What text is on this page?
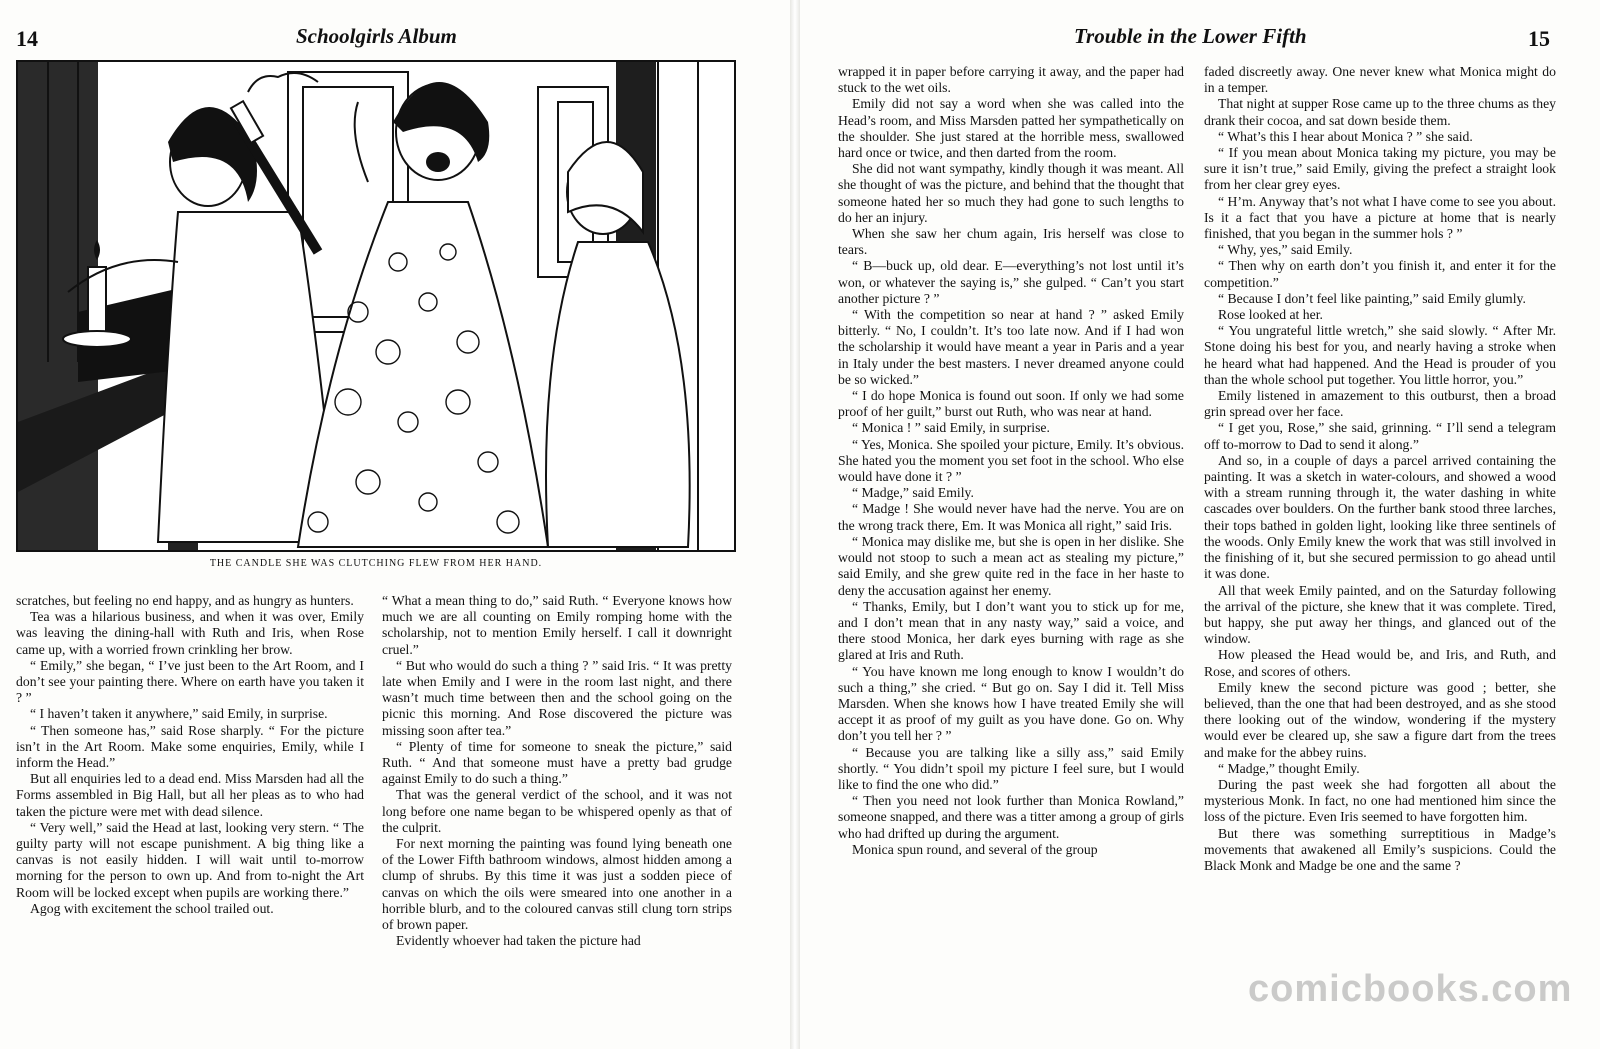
14	Schoolgirls Album
THE CANDLE SHE WAS CLUTCHING FLEW FROM HER HAND.

scratches, but feeling no end happy, and as hungry as hunters.

Tea was a hilarious business, and when it was over, Emily was leaving the dining-hall with Ruth and Iris, when Rose came up, with a worried frown crinkling her brow.

“ Emily,” she began, “ I’ve just been to the Art Room, and I don’t see your painting there. Where on earth have you taken it ? ”

“ I haven’t taken it anywhere,” said Emily, in surprise.

“ Then someone has,” said Rose sharply. “ For the picture isn’t in the Art Room. Make some enquiries, Emily, while I inform the Head.”

But all enquiries led to a dead end. Miss Marsden had all the Forms assembled in Big Hall, but all her pleas as to who had taken the picture were met with dead silence.

“ Very well,” said the Head at last, looking very stern. “ The guilty party will not escape punishment. A big thing like a canvas is not easily hidden. I will wait until to-morrow morning for the person to own up. And from to-night the Art Room will be locked except when pupils are working there.”

Agog with excitement the school trailed out.

“ What a mean thing to do,” said Ruth. “ Everyone knows how much we are all counting on Emily romping home with the scholarship, not to mention Emily herself. I call it downright cruel.”

“ But who would do such a thing ? ” said Iris. “ It was pretty late when Emily and I were in the room last night, and there wasn’t much time between then and the school going on the picnic this morning. And Rose discovered the picture was missing soon after tea.”

“ Plenty of time for someone to sneak the picture,” said Ruth. “ And that someone must have a pretty bad grudge against Emily to do such a thing.”

That was the general verdict of the school, and it was not long before one name began to be whispered openly as that of the culprit.

For next morning the painting was found lying beneath one of the Lower Fifth bathroom windows, almost hidden among a clump of shrubs. By this time it was just a sodden piece of canvas on which the oils were smeared into one another in a horrible blurb, and to the coloured canvas still clung torn strips of brown paper.

Evidently whoever had taken the picture had

Trouble in the Lower Fifth	15

wrapped it in paper before carrying it away, and the paper had stuck to the wet oils.

Emily did not say a word when she was called into the Head’s room, and Miss Marsden patted her sympathetically on the shoulder. She just stared at the horrible mess, swallowed hard once or twice, and then darted from the room.

She did not want sympathy, kindly though it was meant. All she thought of was the picture, and behind that the thought that someone hated her so much they had gone to such lengths to do her an injury.

When she saw her chum again, Iris herself was close to tears.

“ B—buck up, old dear. E—everything’s not lost until it’s won, or whatever the saying is,” she gulped. “ Can’t you start another picture ? ”

“ With the competition so near at hand ? ” asked Emily bitterly. “ No, I couldn’t. It’s too late now. And if I had won the scholarship it would have meant a year in Paris and a year in Italy under the best masters. I never dreamed anyone could be so wicked.”

“ I do hope Monica is found out soon. If only we had some proof of her guilt,” burst out Ruth, who was near at hand.

“ Monica ! ” said Emily, in surprise.

“ Yes, Monica. She spoiled your picture, Emily. It’s obvious. She hated you the moment you set foot in the school. Who else would have done it ? ”

“ Madge,” said Emily.

“ Madge ! She would never have had the nerve. You are on the wrong track there, Em. It was Monica all right,” said Iris.

“ Monica may dislike me, but she is open in her dislike. She would not stoop to such a mean act as stealing my picture,” said Emily, and she grew quite red in the face in her haste to deny the accusation against her enemy.

“ Thanks, Emily, but I don’t want you to stick up for me, and I don’t mean that in any nasty way,” said a voice, and there stood Monica, her dark eyes burning with rage as she glared at Iris and Ruth.

“ You have known me long enough to know I wouldn’t do such a thing,” she cried. “ But go on. Say I did it. Tell Miss Marsden. When she knows how I have treated Emily she will accept it as proof of my guilt as you have done. Go on. Why don’t you tell her ? ”

“ Because you are talking like a silly ass,” said Emily shortly. “ You didn’t spoil my picture I feel sure, but I would like to find the one who did.”

“ Then you need not look further than Monica Rowland,” someone snapped, and there was a titter among a group of girls who had drifted up during the argument.

Monica spun round, and several of the group

faded discreetly away. One never knew what Monica might do in a temper.

That night at supper Rose came up to the three chums as they drank their cocoa, and sat down beside them.

“ What’s this I hear about Monica ? ” she said.

“ If you mean about Monica taking my picture, you may be sure it isn’t true,” said Emily, giving the prefect a straight look from her clear grey eyes.

“ H’m. Anyway that’s not what I have come to see you about. Is it a fact that you have a picture at home that is nearly finished, that you began in the summer hols ? ”

“ Why, yes,” said Emily.

“ Then why on earth don’t you finish it, and enter it for the competition.”

“ Because I don’t feel like painting,” said Emily glumly.

Rose looked at her.

“ You ungrateful little wretch,” she said slowly. “ After Mr. Stone doing his best for you, and nearly having a stroke when he heard what had happened. And the Head is prouder of you than the whole school put together. You little horror, you.”

Emily listened in amazement to this outburst, then a broad grin spread over her face.

“ I get you, Rose,” she said, grinning. “ I’ll send a telegram off to-morrow to Dad to send it along.”

And so, in a couple of days a parcel arrived containing the painting. It was a sketch in water-colours, and showed a wood with a stream running through it, the water dashing in white cascades over boulders. On the further bank stood three larches, their tops bathed in golden light, looking like three sentinels of the woods. Only Emily knew the work that was still involved in the finishing of it, but she secured permission to go ahead until it was done.

All that week Emily painted, and on the Saturday following the arrival of the picture, she knew that it was complete. Tired, but happy, she put away her things, and glanced out of the window.

How pleased the Head would be, and Iris, and Ruth, and Rose, and scores of others.

Emily knew the second picture was good ; better, she believed, than the one that had been destroyed, and as she stood there looking out of the window, wondering if the mystery would ever be cleared up, she saw a figure dart from the trees and make for the abbey ruins.

“ Madge,” thought Emily.

During the past week she had forgotten all about the mysterious Monk. In fact, no one had mentioned him since the loss of the picture. Even Iris seemed to have forgotten him.

But there was something surreptitious in Madge’s movements that awakened all Emily’s suspicions. Could the Black Monk and Madge be one and the same ?

comicbooks.com
